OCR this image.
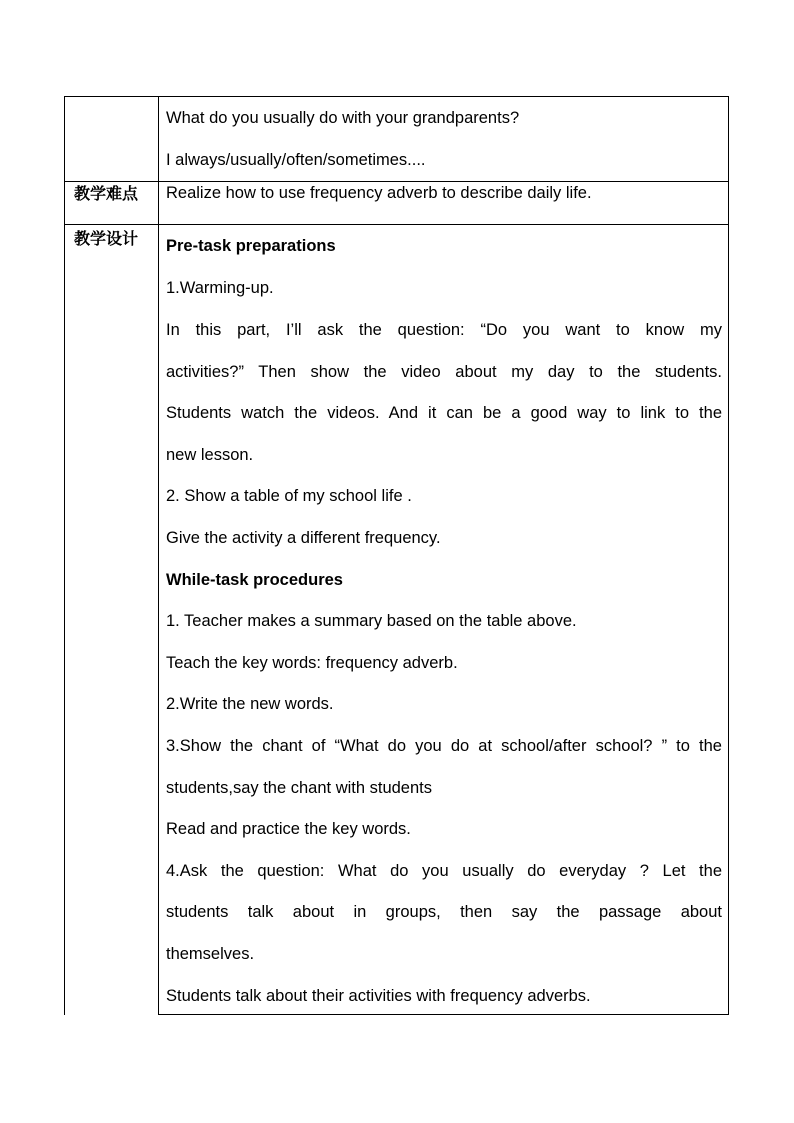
What do you usually do with your grandparents?
I always/usually/often/sometimes....
教学难点 Realize how to use frequency adverb to describe daily life.
教学设计 Pre-task preparations
1.Warming-up.
In this part, I’ll ask the question: “Do you want to know my
activities?” Then show the video about my day to the students.
Students watch the videos. And it can be a good way to link to the
new lesson.
2. Show a table of my school life .
Give the activity a different frequency.
While-task procedures
1. Teacher makes a summary based on the table above.
Teach the key words: frequency adverb.
2.Write the new words.
3.Show the chant of “What do you do at school/after school? ” to the
students,say the chant with students
Read and practice the key words.
4.Ask the question: What do you usually do everyday ? Let the
students talk about in groups, then say the passage about
themselves.
Students talk about their activities with frequency adverbs.
